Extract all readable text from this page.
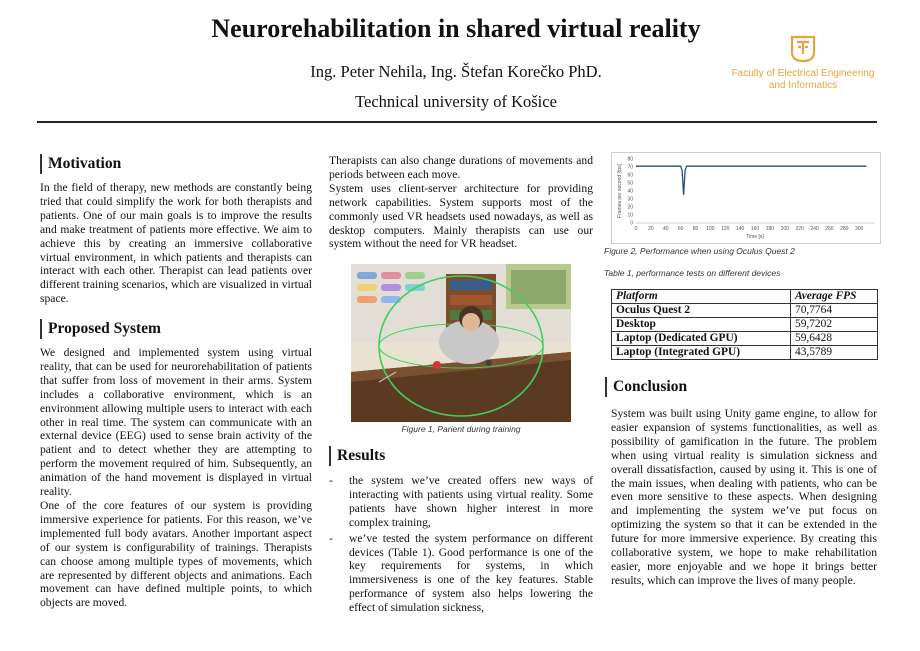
Neurorehabilitation in shared virtual reality
Ing. Peter Nehila, Ing. Štefan Korečko PhD.
Technical university of Košice
Faculty of Electrical Engineering
and Informatics
Motivation
In the field of therapy, new methods are constantly being tried that could simplify the work for both therapists and patients. One of our main goals is to improve the results and make treatment of patients more effective. We aim to achieve this by creating an immersive collaborative virtual environment, in which patients and therapists can interact with each other. Therapist can lead patients over different training scenarios, which are visualized in virtual space.
Proposed System
We designed and implemented system using virtual reality, that can be used for neurorehabilitation of patients that suffer from loss of movement in their arms. System includes a collaborative environment, which is an environment allowing multiple users to interact with each other in real time. The system can communicate with an external device (EEG) used to sense brain activity of the patient and to detect whether they are attempting to perform the movement required of him. Subsequently, an animation of the hand movement is displayed in virtual reality.
One of the core features of our system is providing immersive experience for patients. For this reason, we’ve implemented full body avatars. Another important aspect of our system is configurability of trainings. Therapists can choose among multiple types of movements, which are represented by different objects and animations. Each movement can have defined multiple points, to which objects are moved.
Therapists can also change durations of movements and periods between each move.
System uses client-server architecture for providing network capabilities. System supports most of the commonly used VR headsets used nowadays, as well as desktop computers. Mainly therapists can use our system without the need for VR headset.
Figure 1, Parient during training
Results
- the system we’ve created offers new ways of interacting with patients using virtual reality. Some patients have shown higher interest in more complex training,
- we’ve tested the system performance on different devices (Table 1). Good performance is one of the key requirements for systems, in which immersiveness is one of the key features. Stable performance of system also helps lowering the effect of simulation sickness,
0
10
20
30
40
50
60
70
80
0 20 40 60 80 100 120 140 160 180 200 220 240 260 280 300
Time [s]
Frames per second [fps]
Figure 2, Performance when using Oculus Quest 2
Table 1, performance tests on different devices
Platform	Average FPS
Oculus Quest 2	70,7764
Desktop	59,7202
Laptop (Dedicated GPU)	59,6428
Laptop (Integrated GPU)	43,5789
Conclusion
System was built using Unity game engine, to allow for easier expansion of systems functionalities, as well as possibility of gamification in the future. The problem when using virtual reality is simulation sickness and overall dissatisfaction, caused by using it. This is one of the main issues, when dealing with patients, who can be even more sensitive to these aspects. When designing and implementing the system we’ve put focus on optimizing the system so that it can be extended in the future for more immersive experience. By creating this collaborative system, we hope to make rehabilitation easier, more enjoyable and we hope it brings better results, which can improve the lives of many people.
